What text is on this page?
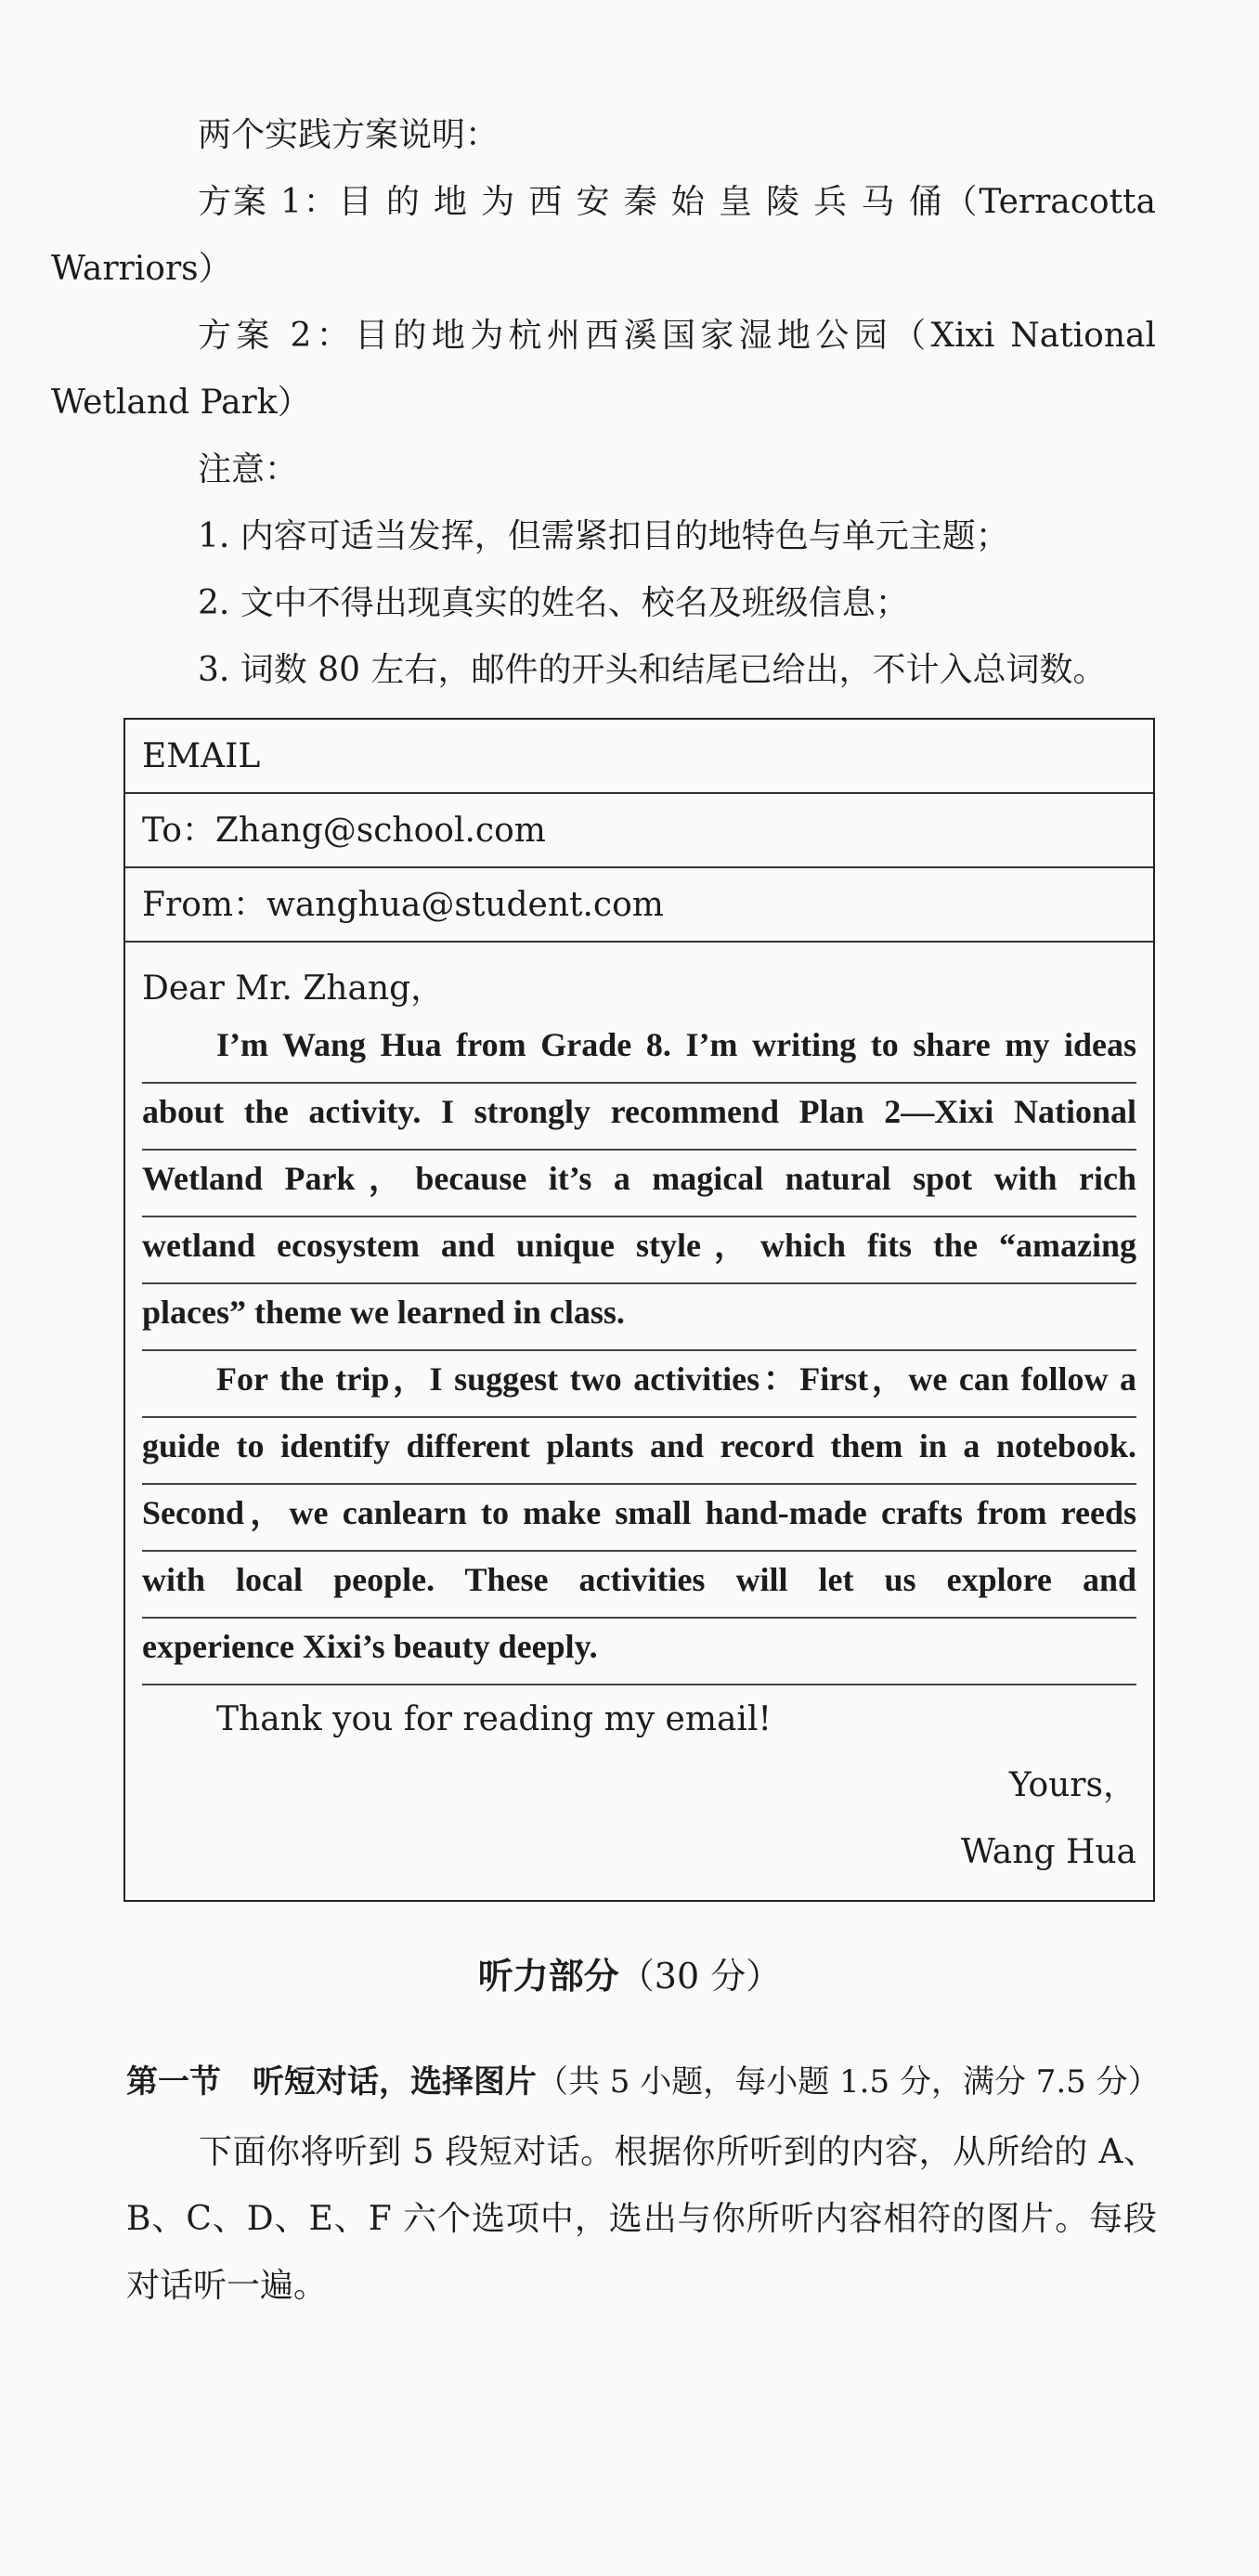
两个实践方案说明：

方案 1：目 的 地 为 西 安 秦 始 皇 陵 兵 马 俑（Terracotta

Warriors）

方案 2：目的地为杭州西溪国家湿地公园（Xixi National

Wetland Park）

注意：

1. 内容可适当发挥，但需紧扣目的地特色与单元主题；

2. 文中不得出现真实的姓名、校名及班级信息；

3. 词数 80 左右，邮件的开头和结尾已给出，不计入总词数。

EMAIL
To：Zhang@school.com
From：wanghua@student.com

Dear Mr. Zhang，

I’m Wang Hua from Grade 8. I’m writing to share my ideas
about the activity. I strongly recommend Plan 2—Xixi National
Wetland Park，because it’s a magical natural spot with rich
wetland ecosystem and unique style，which fits the “amazing
places” theme we learned in class.
For the trip，I suggest two activities：First，we can follow a
guide to identify different plants and record them in a notebook.
Second，we canlearn to make small hand-made crafts from reeds
with local people. These activities will let us explore and
experience Xixi’s beauty deeply.
Thank you for reading my email!
Yours，
Wang Hua
听力部分（30 分）
第一节　听短对话，选择图片（共 5 小题，每小题 1.5 分，满分 7.5 分）

下面你将听到 5 段短对话。根据你所听到的内容，从所给的 A、B、C、D、E、F 六个选项中，选出与你所听内容相符的图片。每段对话听一遍。
